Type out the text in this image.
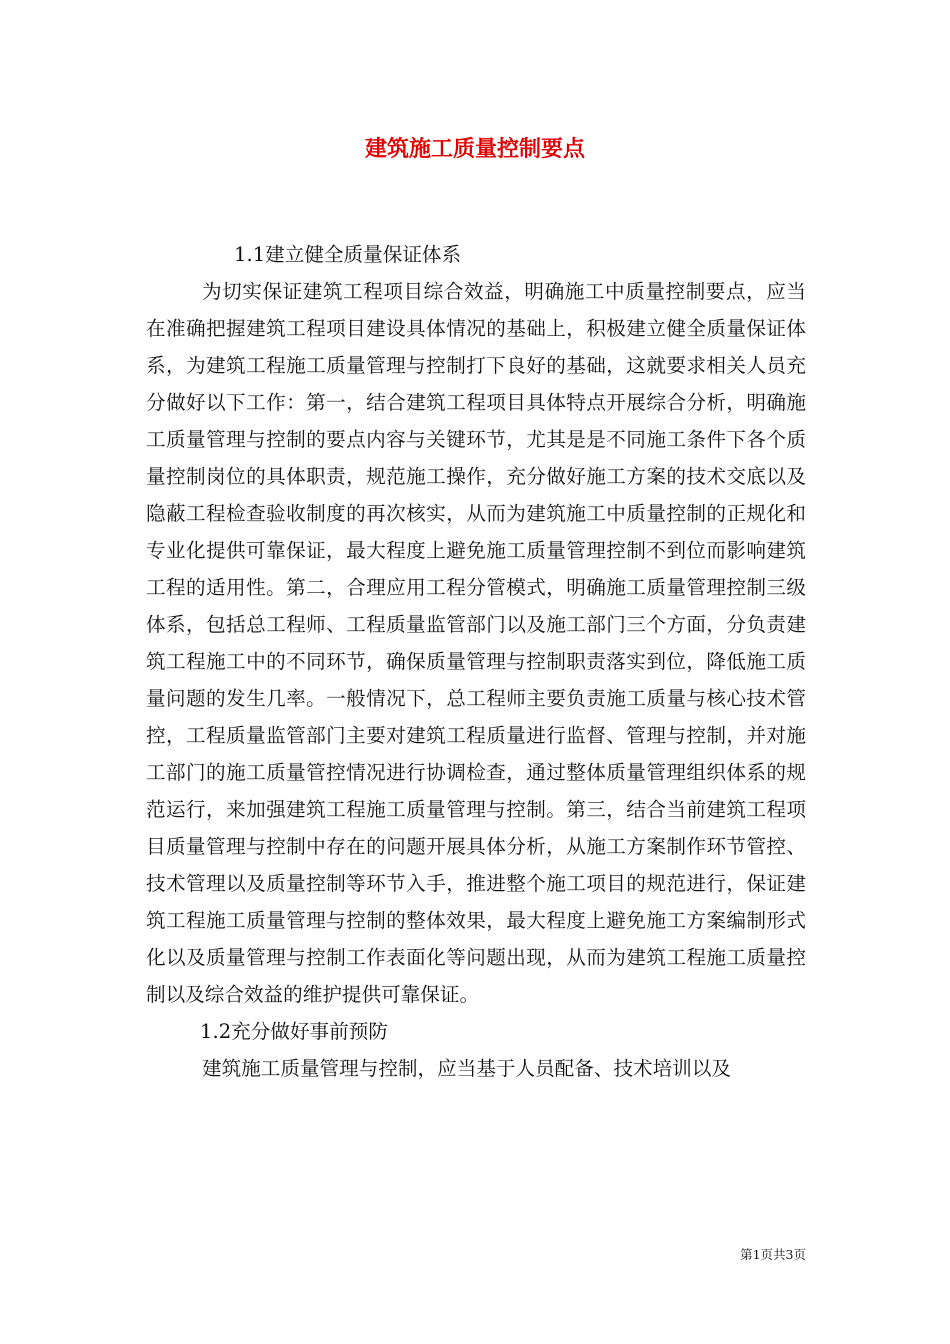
建筑施工质量控制要点
1.1建立健全质量保证体系

为切实保证建筑工程项目综合效益，明确施工中质量控制要点，应当在准确把握建筑工程项目建设具体情况的基础上，积极建立健全质量保证体系，为建筑工程施工质量管理与控制打下良好的基础，这就要求相关人员充分做好以下工作：第一，结合建筑工程项目具体特点开展综合分析，明确施工质量管理与控制的要点内容与关键环节，尤其是是不同施工条件下各个质量控制岗位的具体职责，规范施工操作，充分做好施工方案的技术交底以及隐蔽工程检查验收制度的再次核实，从而为建筑施工中质量控制的正规化和专业化提供可靠保证，最大程度上避免施工质量管理控制不到位而影响建筑工程的适用性。第二，合理应用工程分管模式，明确施工质量管理控制三级体系，包括总工程师、工程质量监管部门以及施工部门三个方面，分负责建筑工程施工中的不同环节，确保质量管理与控制职责落实到位，降低施工质量问题的发生几率。一般情况下，总工程师主要负责施工质量与核心技术管控，工程质量监管部门主要对建筑工程质量进行监督、管理与控制，并对施工部门的施工质量管控情况进行协调检查，通过整体质量管理组织体系的规范运行，来加强建筑工程施工质量管理与控制。第三，结合当前建筑工程项目质量管理与控制中存在的问题开展具体分析，从施工方案制作环节管控、技术管理以及质量控制等环节入手，推进整个施工项目的规范进行，保证建筑工程施工质量管理与控制的整体效果，最大程度上避免施工方案编制形式化以及质量管理与控制工作表面化等问题出现，从而为建筑工程施工质量控制以及综合效益的维护提供可靠保证。

1.2充分做好事前预防

建筑施工质量管理与控制，应当基于人员配备、技术培训以及

第1页共3页
